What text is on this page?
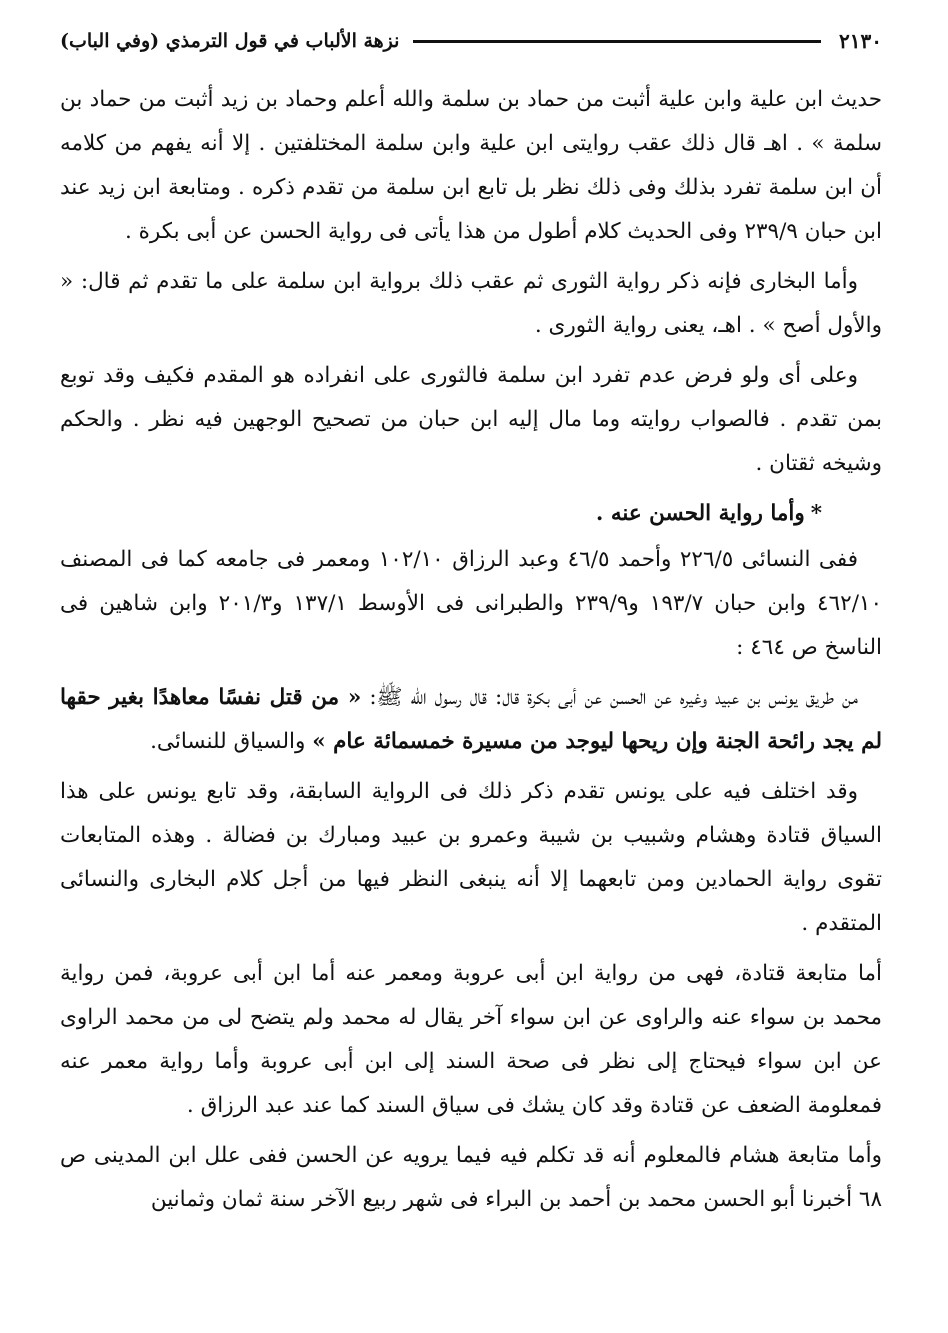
٢١٣٠
نزهة الألباب في قول الترمذي (وفي الباب)

حديث ابن علية وابن علية أثبت من حماد بن سلمة والله أعلم وحماد بن زيد أثبت من حماد بن سلمة » . اهـ قال ذلك عقب روايتى ابن علية وابن سلمة المختلفتين . إلا أنه يفهم من كلامه أن ابن سلمة تفرد بذلك وفى ذلك نظر بل تابع ابن سلمة من تقدم ذكره . ومتابعة ابن زيد عند ابن حبان ٢٣٩/٩ وفى الحديث كلام أطول من هذا يأتى فى رواية الحسن عن أبى بكرة .

وأما البخارى فإنه ذكر رواية الثورى ثم عقب ذلك برواية ابن سلمة على ما تقدم ثم قال: « والأول أصح » . اهـ، يعنى رواية الثورى .

وعلى أى ولو فرض عدم تفرد ابن سلمة فالثورى على انفراده هو المقدم فكيف وقد توبع بمن تقدم . فالصواب روايته وما مال إليه ابن حبان من تصحيح الوجهين فيه نظر . والحكم وشيخه ثقتان .

*وأما رواية الحسن عنه .

ففى النسائى ٢٢٦/٥ وأحمد ٤٦/٥ وعبد الرزاق ١٠٢/١٠ ومعمر فى جامعه كما فى المصنف ٤٦٢/١٠ وابن حبان ١٩٣/٧ و٢٣٩/٩ والطبرانى فى الأوسط ١٣٧/١ و٢٠١/٣ وابن شاهين فى الناسخ ص ٤٦٤ :

من طريق يونس بن عبيد وغيره عن الحسن عن أبى بكرة قال: قال رسول الله ﷺ: « من قتل نفسًا معاهدًا بغير حقها لم يجد رائحة الجنة وإن ريحها ليوجد من مسيرة خمسمائة عام » والسياق للنسائى.

وقد اختلف فيه على يونس تقدم ذكر ذلك فى الرواية السابقة، وقد تابع يونس على هذا السياق قتادة وهشام وشبيب بن شيبة وعمرو بن عبيد ومبارك بن فضالة . وهذه المتابعات تقوى رواية الحمادين ومن تابعهما إلا أنه ينبغى النظر فيها من أجل كلام البخارى والنسائى المتقدم .

أما متابعة قتادة، فهى من رواية ابن أبى عروبة ومعمر عنه أما ابن أبى عروبة، فمن رواية محمد بن سواء عنه والراوى عن ابن سواء آخر يقال له محمد ولم يتضح لى من محمد الراوى عن ابن سواء فيحتاج إلى نظر فى صحة السند إلى ابن أبى عروبة وأما رواية معمر عنه فمعلومة الضعف عن قتادة وقد كان يشك فى سياق السند كما عند عبد الرزاق .

وأما متابعة هشام فالمعلوم أنه قد تكلم فيه فيما يرويه عن الحسن ففى علل ابن المدينى ص ٦٨ أخبرنا أبو الحسن محمد بن أحمد بن البراء فى شهر ربيع الآخر سنة ثمان وثمانين
